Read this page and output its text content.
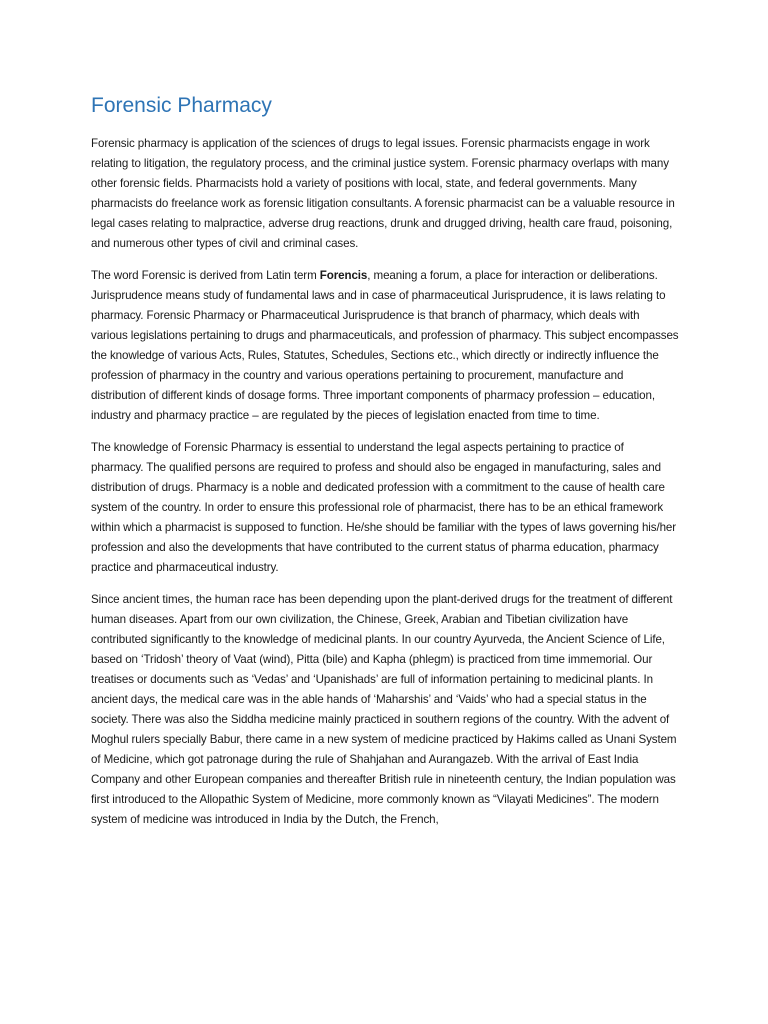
Forensic Pharmacy

Forensic pharmacy is application of the sciences of drugs to legal issues. Forensic pharmacists engage in work relating to litigation, the regulatory process, and the criminal justice system. Forensic pharmacy overlaps with many other forensic fields. Pharmacists hold a variety of positions with local, state, and federal governments. Many pharmacists do freelance work as forensic litigation consultants. A forensic pharmacist can be a valuable resource in legal cases relating to malpractice, adverse drug reactions, drunk and drugged driving, health care fraud, poisoning, and numerous other types of civil and criminal cases.

The word Forensic is derived from Latin term Forencis, meaning a forum, a place for interaction or deliberations. Jurisprudence means study of fundamental laws and in case of pharmaceutical Jurisprudence, it is laws relating to pharmacy. Forensic Pharmacy or Pharmaceutical Jurisprudence is that branch of pharmacy, which deals with various legislations pertaining to drugs and pharmaceuticals, and profession of pharmacy. This subject encompasses the knowledge of various Acts, Rules, Statutes, Schedules, Sections etc., which directly or indirectly influence the profession of pharmacy in the country and various operations pertaining to procurement, manufacture and distribution of different kinds of dosage forms. Three important components of pharmacy profession – education, industry and pharmacy practice – are regulated by the pieces of legislation enacted from time to time.

The knowledge of Forensic Pharmacy is essential to understand the legal aspects pertaining to practice of pharmacy. The qualified persons are required to profess and should also be engaged in manufacturing, sales and distribution of drugs. Pharmacy is a noble and dedicated profession with a commitment to the cause of health care system of the country. In order to ensure this professional role of pharmacist, there has to be an ethical framework within which a pharmacist is supposed to function. He/she should be familiar with the types of laws governing his/her profession and also the developments that have contributed to the current status of pharma education, pharmacy practice and pharmaceutical industry.

Since ancient times, the human race has been depending upon the plant-derived drugs for the treatment of different human diseases. Apart from our own civilization, the Chinese, Greek, Arabian and Tibetian civilization have contributed significantly to the knowledge of medicinal plants. In our country Ayurveda, the Ancient Science of Life, based on ‘Tridosh’ theory of Vaat (wind), Pitta (bile) and Kapha (phlegm) is practiced from time immemorial. Our treatises or documents such as ‘Vedas’ and ‘Upanishads’ are full of information pertaining to medicinal plants. In ancient days, the medical care was in the able hands of ‘Maharshis’ and ‘Vaids’ who had a special status in the society. There was also the Siddha medicine mainly practiced in southern regions of the country. With the advent of Moghul rulers specially Babur, there came in a new system of medicine practiced by Hakims called as Unani System of Medicine, which got patronage during the rule of Shahjahan and Aurangazeb. With the arrival of East India Company and other European companies and thereafter British rule in nineteenth century, the Indian population was first introduced to the Allopathic System of Medicine, more commonly known as “Vilayati Medicines”. The modern system of medicine was introduced in India by the Dutch, the French,
